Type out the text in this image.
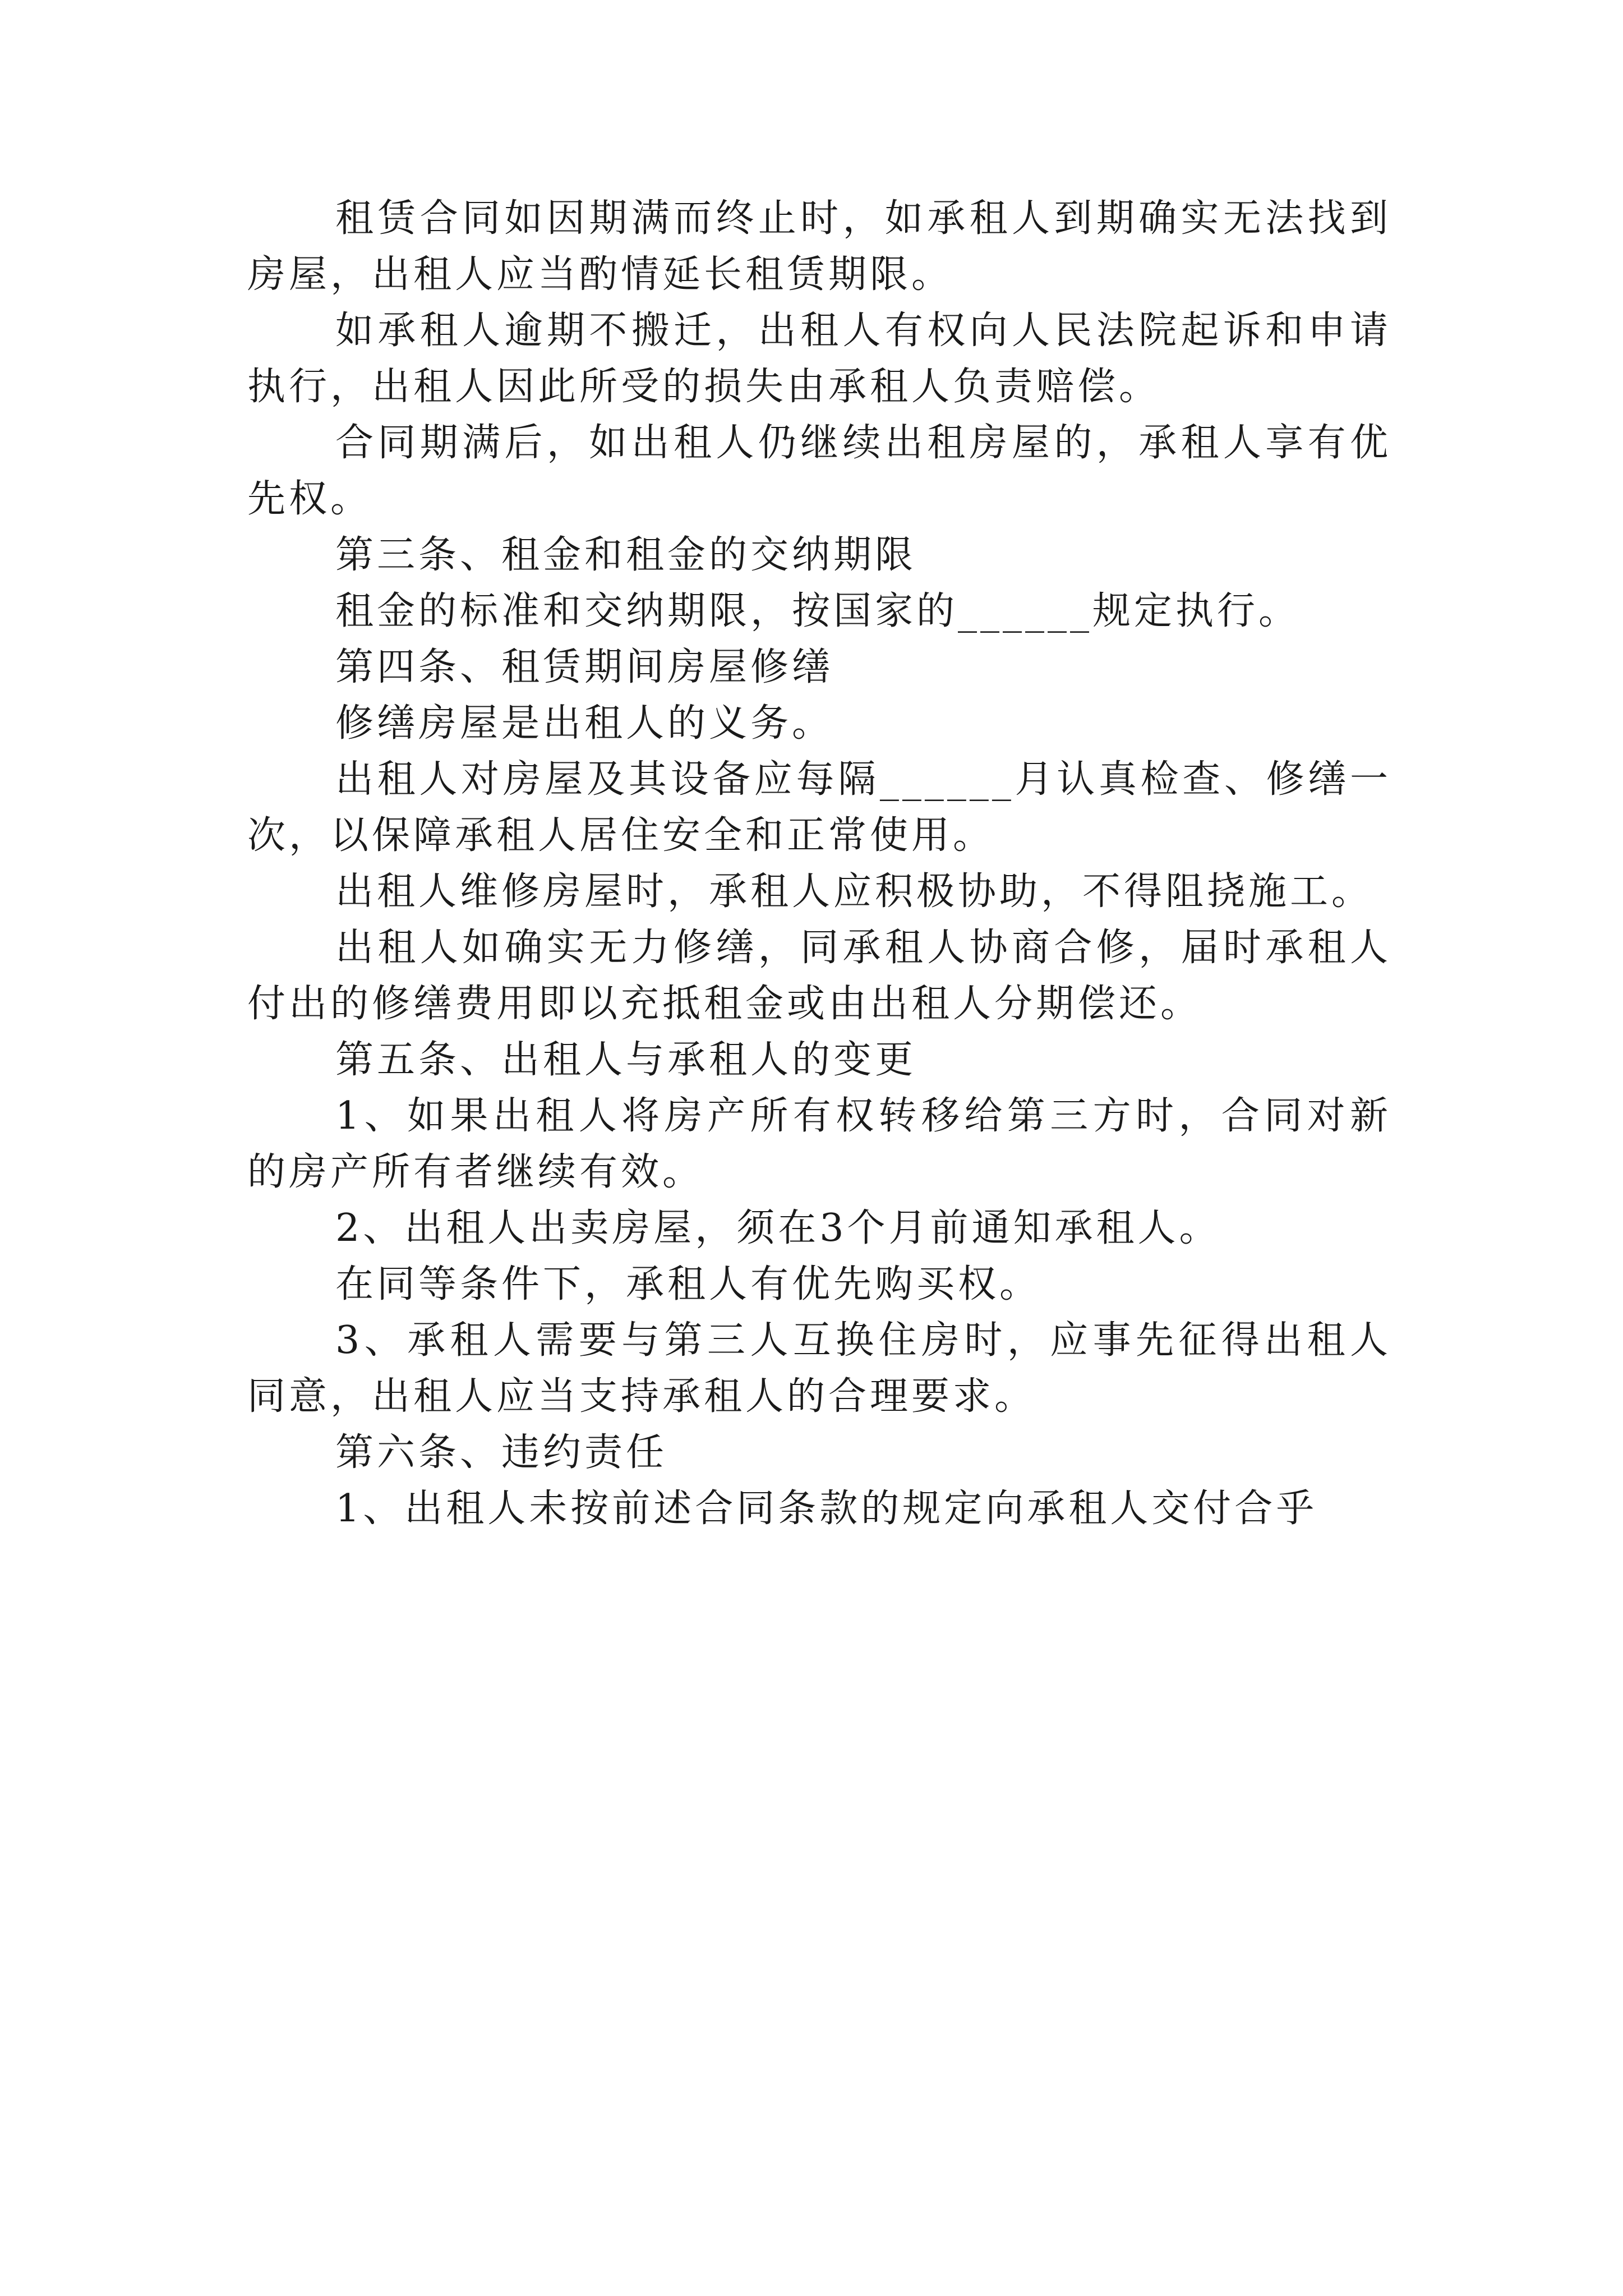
租赁合同如因期满而终止时，如承租人到期确实无法找到房屋，出租人应当酌情延长租赁期限。

如承租人逾期不搬迁，出租人有权向人民法院起诉和申请执行，出租人因此所受的损失由承租人负责赔偿。

合同期满后，如出租人仍继续出租房屋的，承租人享有优先权。

第三条、租金和租金的交纳期限

租金的标准和交纳期限，按国家的______规定执行。

第四条、租赁期间房屋修缮

修缮房屋是出租人的义务。

出租人对房屋及其设备应每隔______月认真检查、修缮一次，以保障承租人居住安全和正常使用。

出租人维修房屋时，承租人应积极协助，不得阻挠施工。

出租人如确实无力修缮，同承租人协商合修，届时承租人付出的修缮费用即以充抵租金或由出租人分期偿还。

第五条、出租人与承租人的变更

1、如果出租人将房产所有权转移给第三方时，合同对新的房产所有者继续有效。

2、出租人出卖房屋，须在3个月前通知承租人。

在同等条件下，承租人有优先购买权。

3、承租人需要与第三人互换住房时，应事先征得出租人同意，出租人应当支持承租人的合理要求。

第六条、违约责任

1、出租人未按前述合同条款的规定向承租人交付合乎
